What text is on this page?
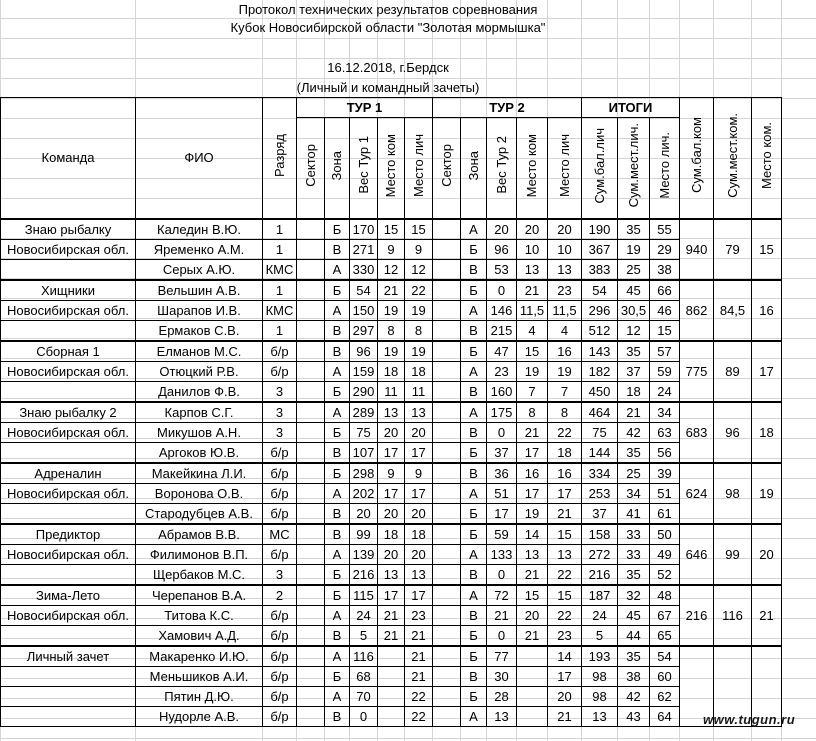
Протокол технических результатов соревнования
Кубок Новосибирской области "Золотая мормышка"
16.12.2018, г.Бердск
(Личный и командный зачеты)
Команда	ФИО	Разряд	ТУР 1					ТУР 2					ИТОГИ			Сум.бал.ком	Сум.мест.ком.	Место ком.
			Сектор	Зона	Вес Тур 1	Место ком	Место лич	Сектор	Зона	Вес Тур 2	Место ком	Место лич	Сум.бал.лич	Сум.мест.лич.	Место лич.			
Знаю рыбалку	Каледин В.Ю.	1		Б	170	15	15		А	20	20	20	190	35	55	940	79	15
Новосибирская обл.	Яременко А.М.	1		В	271	9	9		Б	96	10	10	367	19	29			
	Серых А.Ю.	КМС		А	330	12	12		В	53	13	13	383	25	38			
Хищники	Вельшин А.В.	1		Б	54	21	22		Б	0	21	23	54	45	66	862	84,5	16
Новосибирская обл.	Шарапов И.В.	КМС		А	150	19	19		А	146	11,5	11,5	296	30,5	46			
	Ермаков С.В.	1		В	297	8	8		В	215	4	4	512	12	15			
Сборная 1	Елманов М.С.	б/р		В	96	19	19		Б	47	15	16	143	35	57	775	89	17
Новосибирская обл.	Отюцкий Р.В.	б/р		А	159	18	18		А	23	19	19	182	37	59			
	Данилов Ф.В.	3		Б	290	11	11		В	160	7	7	450	18	24			
Знаю рыбалку 2	Карпов С.Г.	3		А	289	13	13		А	175	8	8	464	21	34	683	96	18
Новосибирская обл.	Микушов А.Н.	3		Б	75	20	20		В	0	21	22	75	42	63			
	Аргоков Ю.В.	б/р		В	107	17	17		Б	37	17	18	144	35	56			
Адреналин	Макейкина Л.И.	б/р		Б	298	9	9		В	36	16	16	334	25	39	624	98	19
Новосибирская обл.	Воронова О.В.	б/р		А	202	17	17		А	51	17	17	253	34	51			
	Стародубцев А.В.	б/р		В	20	20	20		Б	17	19	21	37	41	61			
Предиктор	Абрамов В.В.	МС		В	99	18	18		Б	59	14	15	158	33	50	646	99	20
Новосибирская обл.	Филимонов В.П.	б/р		А	139	20	20		А	133	13	13	272	33	49			
	Щербаков М.С.	3		Б	216	13	13		В	0	21	22	216	35	52			
Зима-Лето	Черепанов В.А.	2		Б	115	17	17		А	72	15	15	187	32	48	216	116	21
Новосибирская обл.	Титова К.С.	б/р		А	24	21	23		В	21	20	22	24	45	67			
	Хамович А.Д.	б/р		В	5	21	21		Б	0	21	23	5	44	65			
Личный зачет	Макаренко И.Ю.	б/р		А	116		21		Б	77		14	193	35	54			
	Меньшиков А.И.	б/р		Б	68		21		В	30		17	98	38	60			
	Пятин Д.Ю.	б/р		А	70		22		Б	28		20	98	42	62			
	Нудорле А.В.	б/р		В	0		22		А	13		21	13	43	64			www.tugun.ru
